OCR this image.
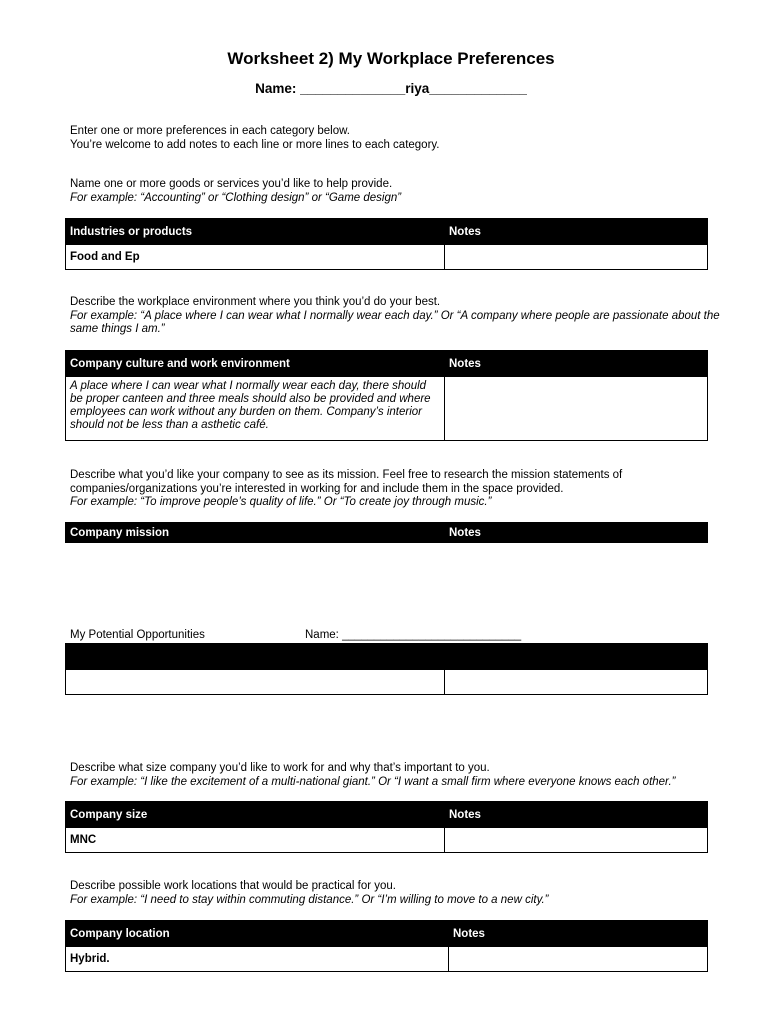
Worksheet 2) My Workplace Preferences
Name: ______________riya_____________
Enter one or more preferences in each category below.
You’re welcome to add notes to each line or more lines to each category.
Name one or more goods or services you’d like to help provide.
For example: “Accounting” or “Clothing design” or “Game design”
Industries or products	Notes
Food and Ep	
Describe the workplace environment where you think you’d do your best.
For example: “A place where I can wear what I normally wear each day.” Or “A company where people are passionate about the same things I am.”
Company culture and work environment	Notes
A place where I can wear what I normally wear each day, there should be proper canteen and three meals should also be provided and where employees can work without any burden on them. Company’s interior should not be less than a asthetic café.	
Describe what you’d like your company to see as its mission. Feel free to research the mission statements of companies/organizations you’re interested in working for and include them in the space provided.
For example: “To improve people’s quality of life.” Or “To create joy through music.”
Company mission	Notes
My Potential Opportunities	Name: ____________________________

Describe what size company you’d like to work for and why that’s important to you.
For example: “I like the excitement of a multi-national giant.” Or “I want a small firm where everyone knows each other.”
Company size	Notes
MNC	
Describe possible work locations that would be practical for you.
For example: “I need to stay within commuting distance.” Or “I’m willing to move to a new city.”
Company location	Notes
Hybrid.	
